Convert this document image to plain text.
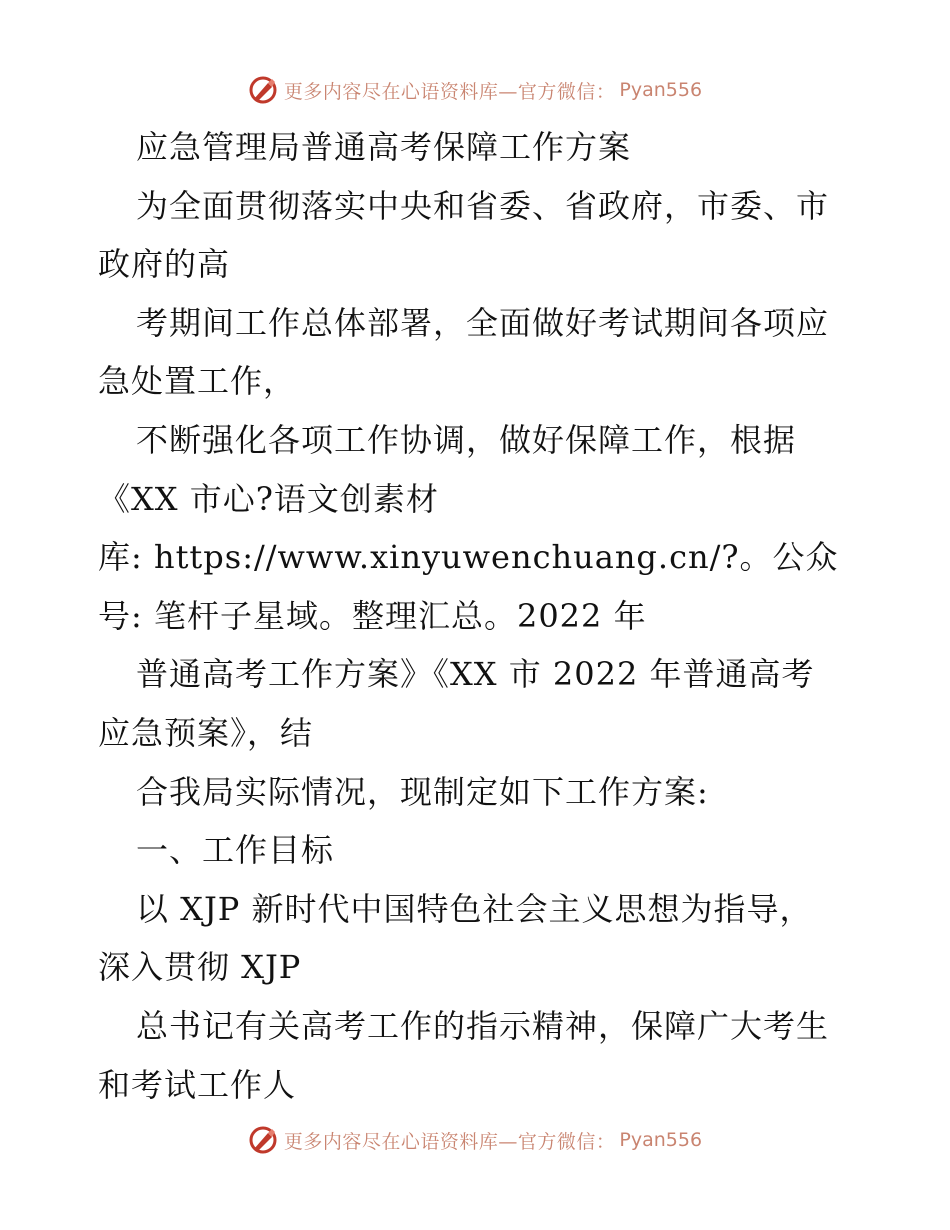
更多内容尽在心语资料库—官方微信： Pyan556
应急管理局普通高考保障工作方案
为全面贯彻落实中央和省委、省政府，市委、市
政府的高
考期间工作总体部署，全面做好考试期间各项应
急处置工作，
不断强化各项工作协调，做好保障工作，根据
《XX 市心?语文创素材
库: https://www.xinyuwenchuang.cn/?。公众
号: 笔杆子星域。整理汇总。2022 年
普通高考工作方案》《XX 市 2022 年普通高考
应急预案》，结
合我局实际情况，现制定如下工作方案:
一、工作目标
以 XJP 新时代中国特色社会主义思想为指导，
深入贯彻 XJP
总书记有关高考工作的指示精神，保障广大考生
和考试工作人
更多内容尽在心语资料库—官方微信： Pyan556
